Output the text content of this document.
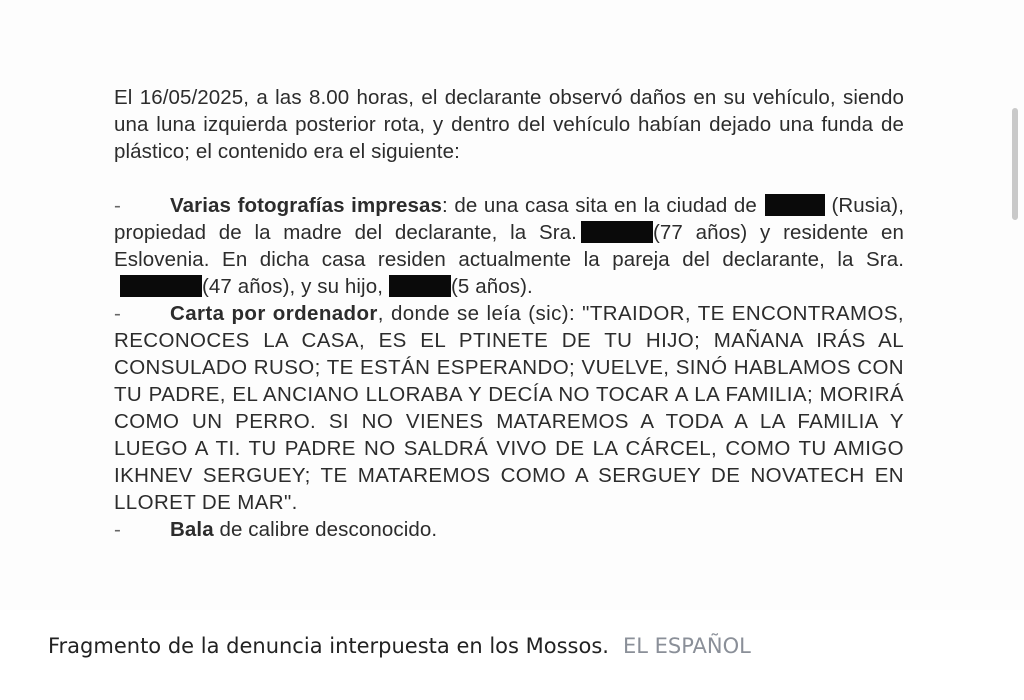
El 16/05/2025, a las 8.00 horas, el declarante observó daños en su vehículo, siendo una luna izquierda posterior rota, y dentro del vehículo habían dejado una funda de plástico; el contenido era el siguiente:

- Varias fotografías impresas: de una casa sita en la ciudad de	(Rusia), propiedad de la madre del declarante, la Sra.	(77 años) y residente en Eslovenia. En dicha casa residen actualmente la pareja del declarante, la Sra.(47 años), y su hijo,	(5 años).

- Carta por ordenador, donde se leía (sic): "TRAIDOR, TE ENCONTRAMOS, RECONOCES LA CASA, ES EL PTINETE DE TU HIJO; MAÑANA IRÁS AL CONSULADO RUSO; TE ESTÁN ESPERANDO; VUELVE, SINÓ HABLAMOS CON TU PADRE, EL ANCIANO LLORABA Y DECÍA NO TOCAR A LA FAMILIA; MORIRÁ COMO UN PERRO. SI NO VIENES MATAREMOS A TODA A LA FAMILIA Y LUEGO A TI. TU PADRE NO SALDRÁ VIVO DE LA CÁRCEL, COMO TU AMIGO IKHNEV SERGUEY; TE MATAREMOS COMO A SERGUEY DE NOVATECH EN LLORET DE MAR".

- Bala de calibre desconocido.

Fragmento de la denuncia interpuesta en los Mossos. EL ESPAÑOL
